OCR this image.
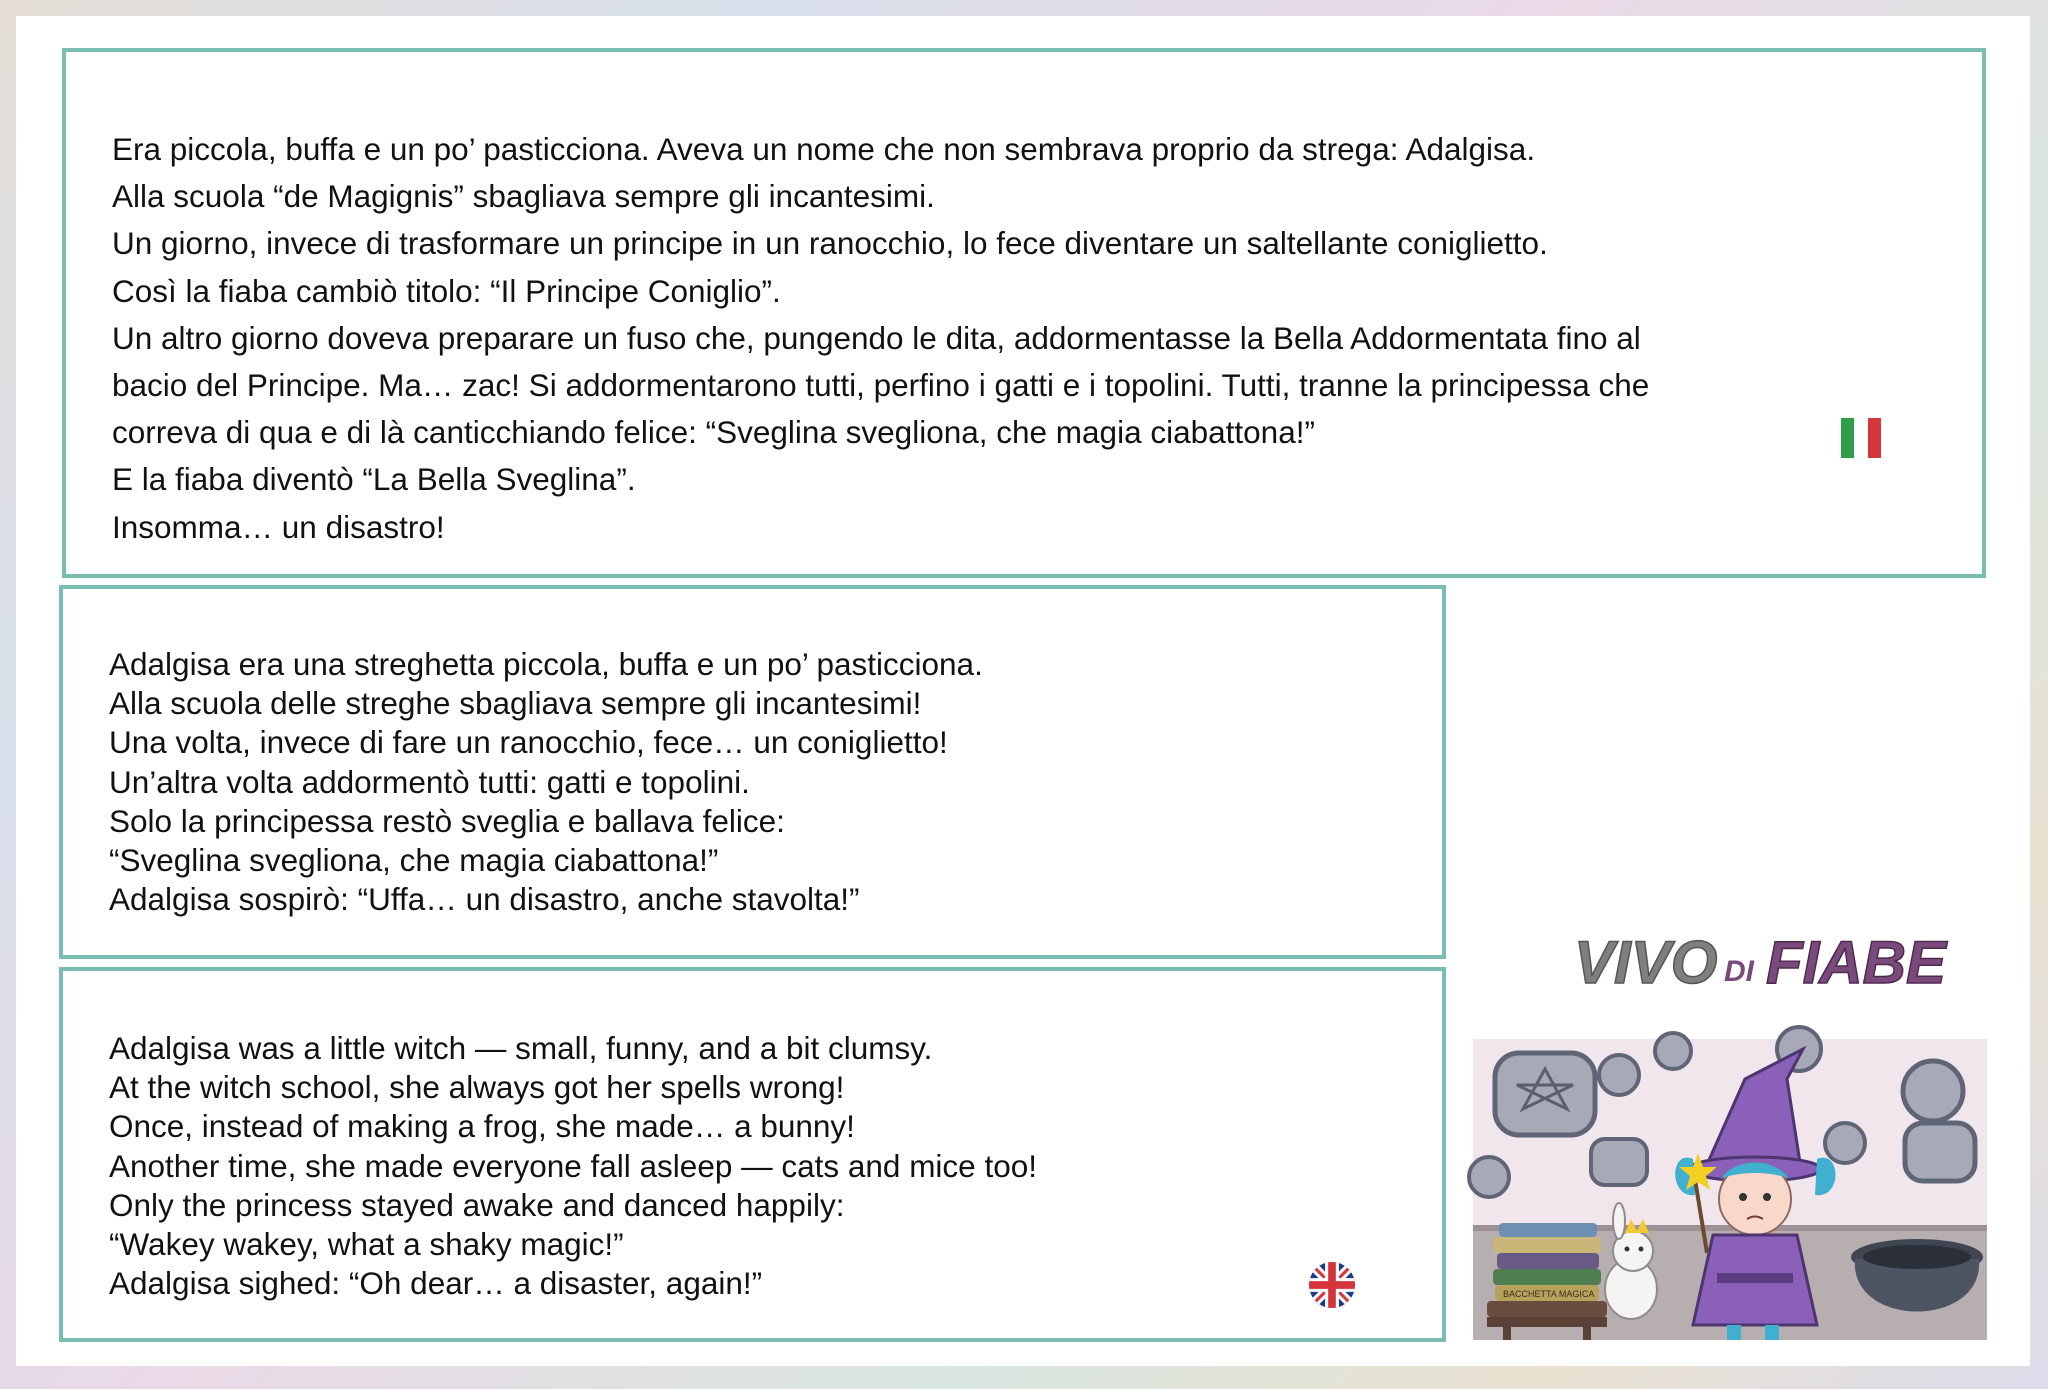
Era piccola, buffa e un po’ pasticciona. Aveva un nome che non sembrava proprio da strega: Adalgisa.
Alla scuola “de Magignis” sbagliava sempre gli incantesimi.
Un giorno, invece di trasformare un principe in un ranocchio, lo fece diventare un saltellante coniglietto.
Così la fiaba cambiò titolo: “Il Principe Coniglio”.
Un altro giorno doveva preparare un fuso che, pungendo le dita, addormentasse la Bella Addormentata fino al
bacio del Principe. Ma… zac! Si addormentarono tutti, perfino i gatti e i topolini. Tutti, tranne la principessa che
correva di qua e di là canticchiando felice: “Sveglina svegliona, che magia ciabattona!”
E la fiaba diventò “La Bella Sveglina”.
Insomma… un disastro!
Adalgisa era una streghetta piccola, buffa e un po’ pasticciona.
Alla scuola delle streghe sbagliava sempre gli incantesimi!
Una volta, invece di fare un ranocchio, fece… un coniglietto!
Un’altra volta addormentò tutti: gatti e topolini.
Solo la principessa restò sveglia e ballava felice:
“Sveglina svegliona, che magia ciabattona!”
Adalgisa sospirò: “Uffa… un disastro, anche stavolta!”
Adalgisa was a little witch — small, funny, and a bit clumsy.
At the witch school, she always got her spells wrong!
Once, instead of making a frog, she made… a bunny!
Another time, she made everyone fall asleep — cats and mice too!
Only the princess stayed awake and danced happily:
“Wakey wakey, what a shaky magic!”
Adalgisa sighed: “Oh dear… a disaster, again!”
VIVO DI FIABE
BACCHETTA MAGICA
